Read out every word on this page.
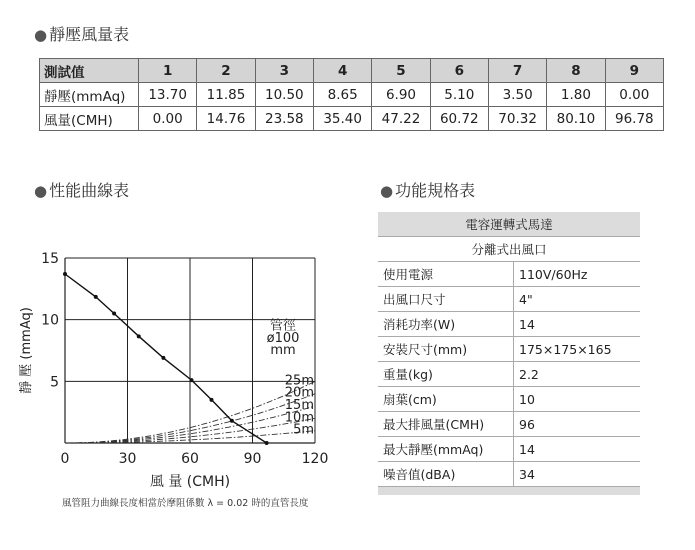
● 靜壓風量表
● 性能曲線表	● 功能規格表
測試值	1	2	3	4	5	6	7	8	9
靜壓(mmAq)	13.70	11.85	10.50	8.65	6.90	5.10	3.50	1.80	0.00
風量(CMH)	0.00	14.76	23.58	35.40	47.22	60.72	70.32	80.10	96.78
0	30	60	90	120
5
10
15
25m
20m
15m
10m
5m
管徑
ø100
mm
風 量 (CMH)
靜 壓 (mmAq)
風管阻力曲線長度相當於摩阻係數 λ = 0.02 時的直管長度
電容運轉式馬達	
分離式出風口	
使用電源	110V/60Hz
出風口尺寸	4"
消耗功率(W)	14
安裝尺寸(mm)	175×175×165
重量(kg)	2.2
扇葉(cm)	10
最大排風量(CMH)	96
最大靜壓(mmAq)	14
噪音值(dBA)	34
